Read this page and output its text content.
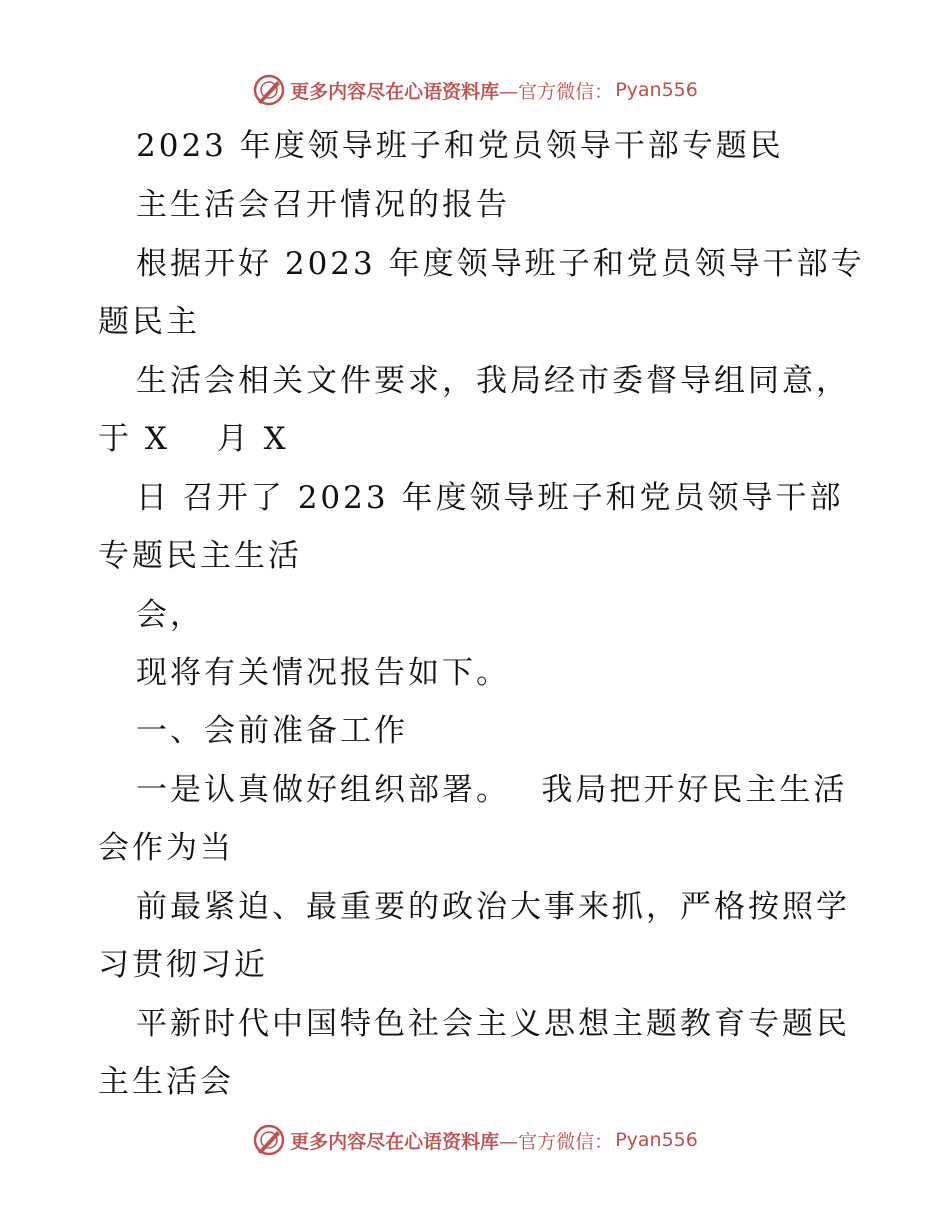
更多内容尽在心语资料库 —官方微信： Pyan556
2023 年度领导班子和党员领导干部专题民
主生活会召开情况的报告
根据开好 2023 年度领导班子和党员领导干部专
题民主
生活会相关文件要求，我局经市委督导组同意，
于 X　 月 X
日 召开了 2023 年度领导班子和党员领导干部
专题民主生活
会，
现将有关情况报告如下。
一、会前准备工作
一是认真做好组织部署。　 我局把开好民主生活
会作为当
前最紧迫、最重要的政治大事来抓，严格按照学
习贯彻习近
平新时代中国特色社会主义思想主题教育专题民
主生活会
更多内容尽在心语资料库 —官方微信： Pyan556
